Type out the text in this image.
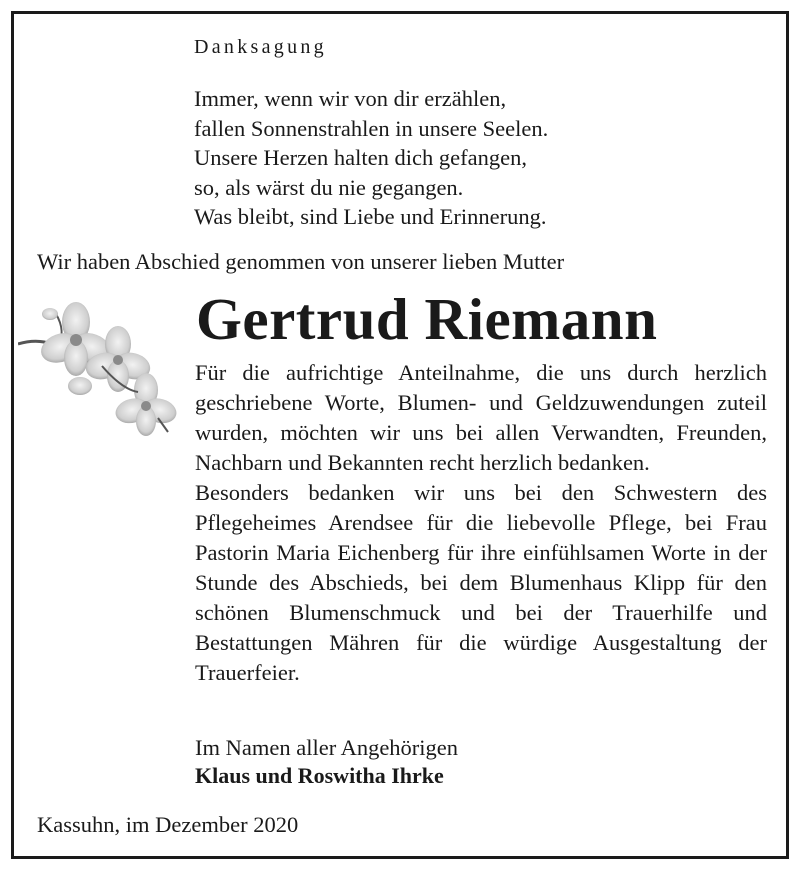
Danksagung
Immer, wenn wir von dir erzählen,
fallen Sonnenstrahlen in unsere Seelen.
Unsere Herzen halten dich gefangen,
so, als wärst du nie gegangen.
Was bleibt, sind Liebe und Erinnerung.
Wir haben Abschied genommen von unserer lieben Mutter
Gertrud Riemann

Für die aufrichtige Anteilnahme, die uns durch herzlich geschriebene Worte, Blumen- und Geldzuwendungen zuteil wurden, möchten wir uns bei allen Verwandten, Freunden, Nachbarn und Bekannten recht herzlich bedanken.

Besonders bedanken wir uns bei den Schwestern des Pflegeheimes Arendsee für die liebevolle Pflege, bei Frau Pastorin Maria Eichenberg für ihre einfühlsamen Worte in der Stunde des Abschieds, bei dem Blumenhaus Klipp für den schönen Blumenschmuck und bei der Trauerhilfe und Bestattungen Mähren für die würdige Ausgestaltung der Trauerfeier.

Im Namen aller Angehörigen
Klaus und Roswitha Ihrke
Kassuhn, im Dezember 2020
